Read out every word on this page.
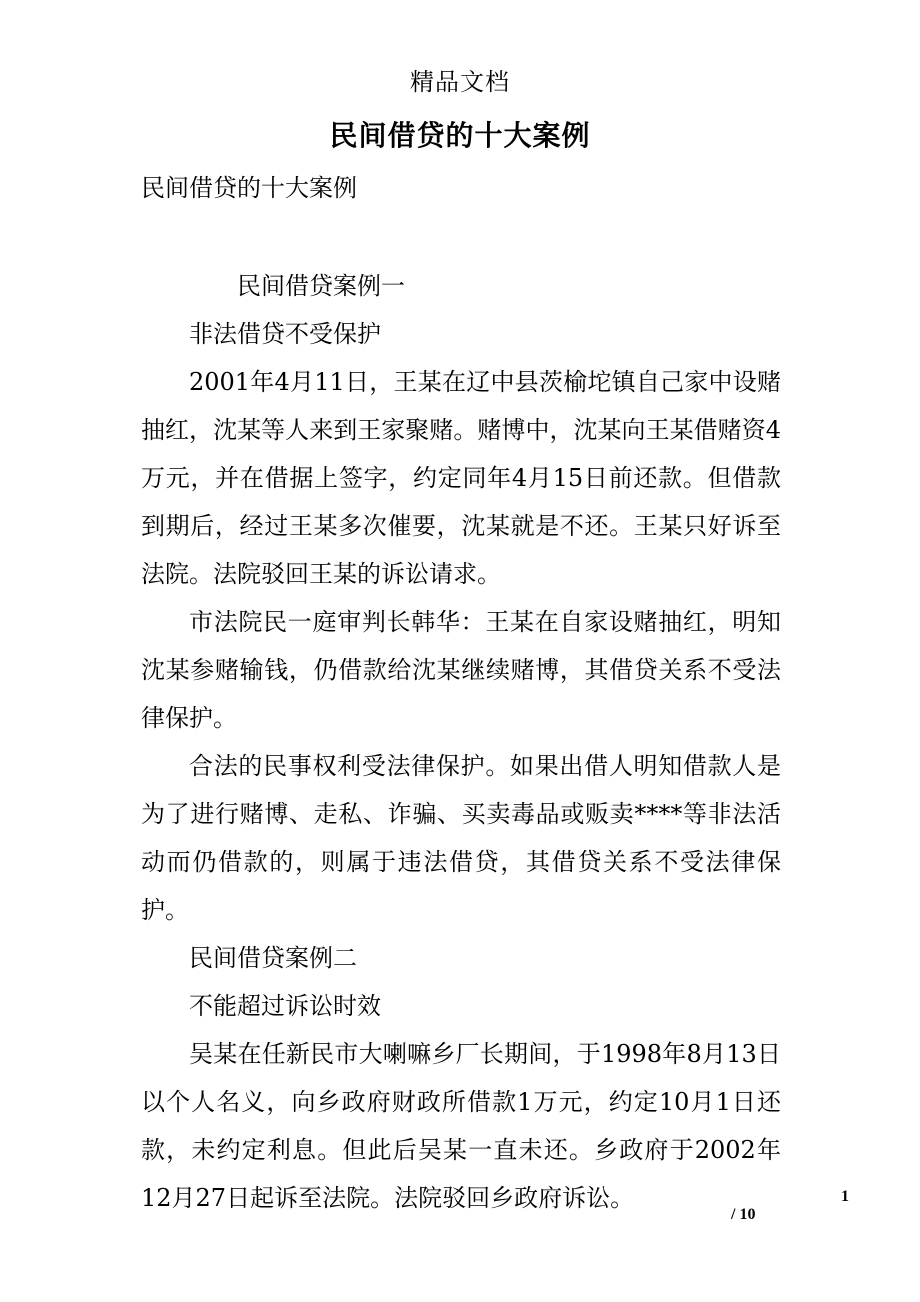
精品文档
民间借贷的十大案例
民间借贷的十大案例

民间借贷案例一

非法借贷不受保护

2001年4月11日，王某在辽中县茨榆坨镇自己家中设赌抽红，沈某等人来到王家聚赌。赌博中，沈某向王某借赌资4万元，并在借据上签字，约定同年4月15日前还款。但借款到期后，经过王某多次催要，沈某就是不还。王某只好诉至法院。法院驳回王某的诉讼请求。

市法院民一庭审判长韩华：王某在自家设赌抽红，明知沈某参赌输钱，仍借款给沈某继续赌博，其借贷关系不受法律保护。

合法的民事权利受法律保护。如果出借人明知借款人是为了进行赌博、走私、诈骗、买卖毒品或贩卖****等非法活动而仍借款的，则属于违法借贷，其借贷关系不受法律保护。

民间借贷案例二

不能超过诉讼时效

吴某在任新民市大喇嘛乡厂长期间，于1998年8月13日以个人名义，向乡政府财政所借款1万元，约定10月1日还款，未约定利息。但此后吴某一直未还。乡政府于2002年12月27日起诉至法院。法院驳回乡政府诉讼。	1
/ 10
